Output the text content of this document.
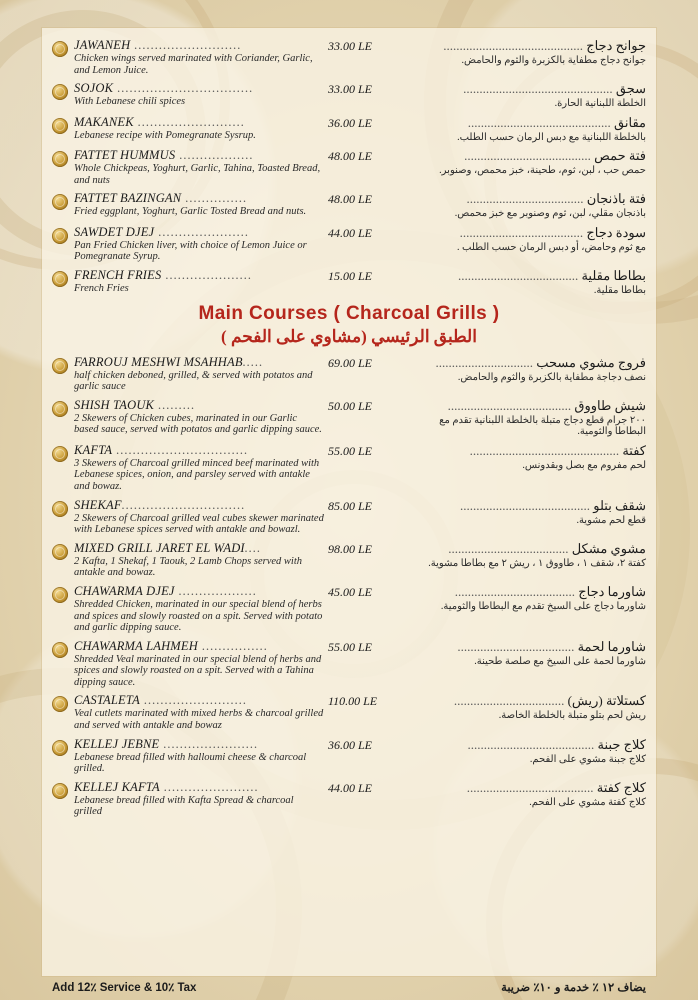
JAWANEH ..........................
Chicken wings served marinated with Coriander, Garlic, and Lemon Juice.
33.00 LE	جوانح دجاج ...........................................
جوانح دجاج مطفاية بالكزبرة والثوم والحامض.
SOJOK .................................
With Lebanese chili spices
33.00 LE	سجق ..............................................
الخلطة اللبنانية الحارة.
MAKANEK ..........................
Lebanese recipe with Pomegranate Sysrup.
36.00 LE	مقانق ............................................
بالخلطة اللبنانية مع دبس الرمان حسب الطلب.
FATTET HUMMUS ..................
Whole Chickpeas, Yoghurt, Garlic, Tahina, Toasted Bread, and nuts
48.00 LE	فتة حمص .......................................
حمص حب ، لبن، ثوم، طحينة، خبز محمص، وصنوبر.
FATTET BAZINGAN ...............
Fried eggplant, Yoghurt, Garlic Tosted Bread and nuts.
48.00 LE	فتة باذنجان ....................................
باذنجان مقلي، لبن، ثوم وصنوبر مع خبز محمص.
SAWDET DJEJ ......................
Pan Fried Chicken liver, with choice of Lemon Juice or Pomegranate Syrup.
44.00 LE	سودة دجاج ......................................
مع ثوم وحامض، أو دبس الرمان حسب الطلب .
FRENCH FRIES .....................
French Fries
15.00 LE	بطاطا مقلية .....................................
بطاطا مقلية.
Main Courses ( Charcoal Grills )
الطبق الرئيسي (مشاوي على الفحم )
FARROUJ MESHWI MSAHHAB.....
half chicken deboned, grilled, & served with potatos and garlic sauce
69.00 LE	فروج مشوي مسحب ..............................
نصف دجاجة مطفاية بالكزبرة والثوم والحامض.
SHISH TAOUK .........
2 Skewers of Chicken cubes, marinated in our Garlic based sauce, served with potatos and garlic dipping sauce.
50.00 LE	شيش طاووق ......................................
٢٠٠ جرام قطع دجاج متبلة بالخلطة اللبنانية تقدم مع البطاطا والثومية.
KAFTA ................................
3 Skewers of Charcoal grilled minced beef marinated with Lebanese spices, onion, and parsley served with antakle and bowaz.
55.00 LE	كفتة ..............................................
لحم مفروم مع بصل وبقدونس.
SHEKAF..............................
2 Skewers of Charcoal grilled veal cubes skewer marinated with Lebanese spices served with antakle and bowazl.
85.00 LE	شقف بتلو ........................................
قطع لحم مشوية.
MIXED GRILL JARET EL WADI....
2 Kafta, 1 Shekaf, 1 Taouk, 2 Lamb Chops served with antakle and bowaz.
98.00 LE	مشوي مشكل .....................................
كفتة ٢، شقف ١ ، طاووق ١ ، ريش ٢ مع بطاطا مشوية.
CHAWARMA DJEJ ...................
Shredded Chicken, marinated in our special blend of herbs and spices and slowly roasted on a spit. Served with potato and garlic dipping sauce.
45.00 LE	شاورما دجاج .....................................
شاورما دجاج على السيخ تقدم مع البطاطا والثومية.
CHAWARMA LAHMEH ................
Shredded Veal marinated in our special blend of herbs and spices and slowly roasted on a spit. Served with a Tahina dipping sauce.
55.00 LE	شاورما لحمة ....................................
شاورما لحمة على السيخ مع صلصة طحينة.
CASTALETA .........................
Veal cutlets marinated with mixed herbs & charcoal grilled and served with antakle and bowaz
110.00 LE	كستلاتة (ريش) ..................................
ريش لحم بتلو متبلة بالخلطة الخاصة.
KELLEJ JEBNE .......................
Lebanese bread filled with halloumi cheese & charcoal grilled.
36.00 LE	كلاج جبنة .......................................
كلاج جبنة مشوي على الفحم.
KELLEJ KAFTA .......................
Lebanese bread filled with Kafta Spread & charcoal grilled
44.00 LE	كلاج كفتة .......................................
كلاج كفتة مشوي على الفحم.
Add 12٪ Service & 10٪ Tax	يضاف ١٢ ٪ خدمة و ١٠٪ ضريبة
